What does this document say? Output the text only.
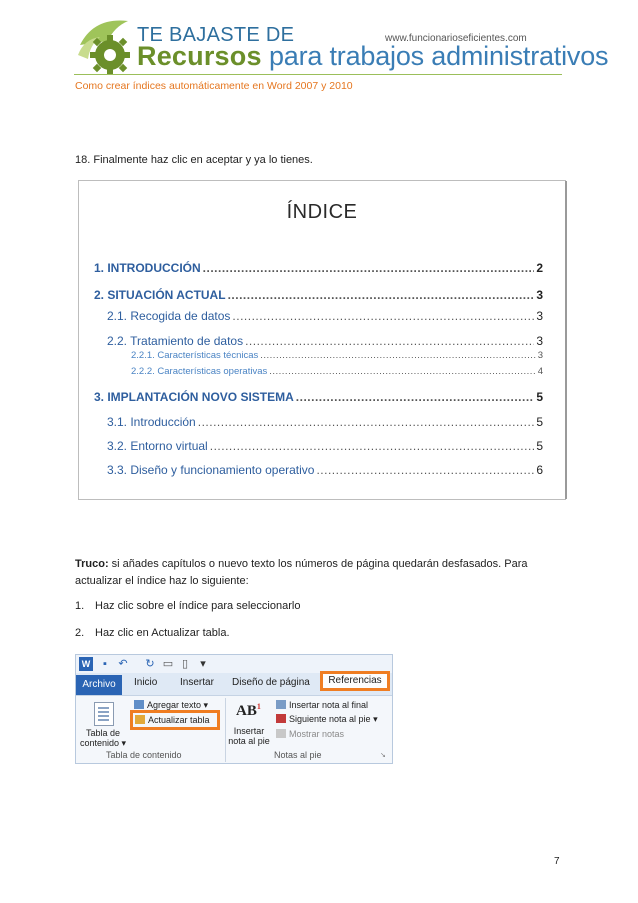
TE BAJASTE DE
Recursos para trabajos administrativos
www.funcionarioseficientes.com
Como crear índices automáticamente en Word 2007 y 2010
18. Finalmente haz clic en aceptar y ya lo tienes.
ÍNDICE
1. INTRODUCCIÓN .....	2
2. SITUACIÓN ACTUAL .....	3
2.1. Recogida de datos .....	3
2.2. Tratamiento de datos .....	3
2.2.1. Características técnicas .....	3
2.2.2. Características operativas .....	4
3. IMPLANTACIÓN NOVO SISTEMA .....	5
3.1. Introducción .....	5
3.2. Entorno virtual .....	5
3.3. Diseño y funcionamiento operativo .....	6
Truco: si añades capítulos o nuevo texto los números de página quedarán desfasados. Para actualizar el índice haz lo siguiente:
1. Haz clic sobre el índice para seleccionarlo
2. Haz clic en Actualizar tabla.
W	▪	↶ ↻ ▭ ▯ ▾
Archivo	Inicio Insertar Diseño de página
Tabla de
contenido ▾
Agregar texto ▾
Actualizar tabla
Tabla de contenido
$AB^1$
Insertar
nota al pie
Insertar nota al final
Siguiente nota al pie ▾
Mostrar notas
Notas al pie	↘
Referencias
7
